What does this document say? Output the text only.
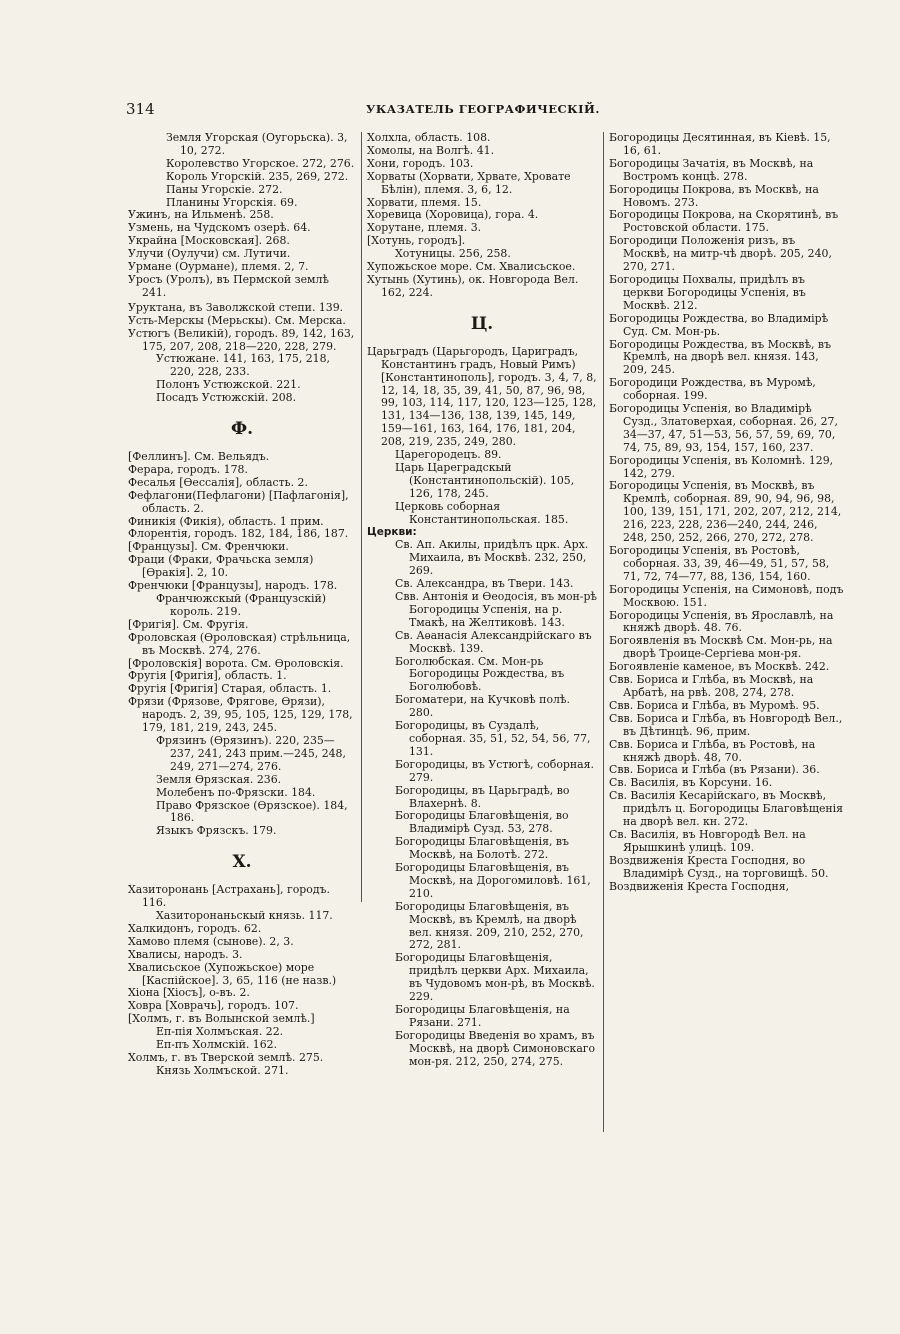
314	УКАЗАТЕЛЬ ГЕОГРАФИЧЕСКІЙ.

Земля Угорская (Оугорьска). 3, 10, 272.

Королевство Угорское. 272, 276.

Король Угорскій. 235, 269, 272.

Паны Угорскіе. 272.

Планины Угорскія. 69.

Ужинъ, на Ильменѣ. 258.

Узмень, на Чудскомъ озерѣ. 64.

Украйна [Московская]. 268.

Улучи (Оулучи) см. Лутичи.

Урмане (Оурмане), племя. 2, 7.

Уросъ (Уролъ), въ Пермской землѣ 241.

Уруктана, въ Заволжской степи. 139.

Усть-Мерскы (Мерьскы). См. Мерска.

Устюгъ (Великій), городъ. 89, 142, 163, 175, 207, 208, 218—220, 228, 279.

Устюжане. 141, 163, 175, 218, 220, 228, 233.

Полонъ Устюжской. 221.

Посадъ Устюжскій. 208.

Ф.

[Феллинъ]. См. Вельядъ.

Ферара, городъ. 178.

Фесалья [Өессалія], область. 2.

Фефлагони(Пефлагони) [Пафлагонія], область. 2.

Финикія (Фикія), область. 1 прим.

Флорентія, городъ. 182, 184, 186, 187.

[Французы]. См. Френчюки.

Фраци (Фраки, Фрачьска земля) [Өракія]. 2, 10.

Френчюки [Французы], народъ. 178.

Франчюжскый (Французскій) король. 219.

[Фригія]. См. Фругія.

Фроловская (Өроловская) стрѣльница, въ Москвѣ. 274, 276.

[Фроловскія] ворота. См. Өроловскія.

Фругія [Фригія], область. 1.

Фругія [Фригія] Старая, область. 1.

Фрязи (Фрязове, Фрягове, Өрязи), народъ. 2, 39, 95, 105, 125, 129, 178, 179, 181, 219, 243, 245.

Фрязинъ (Өрязинъ). 220, 235—237, 241, 243 прим.—245, 248, 249, 271—274, 276.

Земля Өрязская. 236.

Молебенъ по-Фрязски. 184.

Право Фрязское (Өрязское). 184, 186.

Языкъ Фрязскъ. 179.

Х.

Хазиторонань [Астрахань], городъ. 116.

Хазиторонаньскый князь. 117.

Халкидонъ, городъ. 62.

Хамово племя (сынове). 2, 3.

Хвалисы, народъ. 3.

Хвалисьское (Хупожьское) море [Каспійское]. 3, 65, 116 (не назв.)

Хіона [Хіосъ], о-въ. 2.

Ховра [Ховрачь], городъ. 107.

[Холмъ, г. въ Волынской землѣ.]

Еп-пія Холмъская. 22.

Еп-пъ Холмскій. 162.

Холмъ, г. въ Тверской землѣ. 275.

Князь Холмъской. 271.

Холхла, область. 108.

Хомолы, на Волгѣ. 41.

Хони, городъ. 103.

Хорваты (Хорвати, Хрвате, Хровате Бѣлін), племя. 3, 6, 12.

Хорвати, племя. 15.

Хоревица (Хоровица), гора. 4.

Хорутане, племя. 3.

[Хотунь, городъ].

Хотуницы. 256, 258.

Хупожьское море. См. Хвалисьское.

Хутынь (Хутинь), ок. Новгорода Вел. 162, 224.

Ц.

Царьградъ (Царьгородъ, Цариградъ, Константинъ градъ, Новый Римъ) [Константинополь], городъ. 3, 4, 7, 8, 12, 14, 18, 35, 39, 41, 50, 87, 96, 98, 99, 103, 114, 117, 120, 123—125, 128, 131, 134—136, 138, 139, 145, 149, 159—161, 163, 164, 176, 181, 204, 208, 219, 235, 249, 280.

Царегородецъ. 89.

Царь Цареградскый (Константинопольскій). 105, 126, 178, 245.

Церковь соборная Константинопольская. 185.

Церкви:

Св. Ап. Акилы, придѣлъ црк. Арх. Михаила, въ Москвѣ. 232, 250, 269.

Св. Александра, въ Твери. 143.

Свв. Антонія и Өеодосія, въ мон-рѣ Богородицы Успенія, на р. Тмакѣ, на Желтиковѣ. 143.

Св. Аѳанасія Александрійскаго въ Москвѣ. 139.

Боголюбская. См. Мон-рь Богородицы Рождества, въ Боголюбовѣ.

Богоматери, на Кучковѣ полѣ. 280.

Богородицы, въ Суздалѣ, соборная. 35, 51, 52, 54, 56, 77, 131.

Богородицы, въ Устюгѣ, соборная. 279.

Богородицы, въ Царьградѣ, во Влахернѣ. 8.

Богородицы Благовѣщенія, во Владимірѣ Сузд. 53, 278.

Богородицы Благовѣщенія, въ Москвѣ, на Болотѣ. 272.

Богородицы Благовѣщенія, въ Москвѣ, на Дорогомиловѣ. 161, 210.

Богородицы Благовѣщенія, въ Москвѣ, въ Кремлѣ, на дворѣ вел. князя. 209, 210, 252, 270, 272, 281.

Богородицы Благовѣщенія, придѣлъ церкви Арх. Михаила, въ Чудовомъ мон-рѣ, въ Москвѣ. 229.

Богородицы Благовѣщенія, на Рязани. 271.

Богородицы Введенія во храмъ, въ Москвѣ, на дворѣ Симоновскаго мон-ря. 212, 250, 274, 275.

Богородицы Десятинная, въ Кіевѣ. 15, 16, 61.

Богородицы Зачатія, въ Москвѣ, на Востромъ концѣ. 278.

Богородицы Покрова, въ Москвѣ, на Новомъ. 273.

Богородицы Покрова, на Скорятинѣ, въ Ростовской области. 175.

Богородици Положенія ризъ, въ Москвѣ, на митр-чѣ дворѣ. 205, 240, 270, 271.

Богородицы Похвалы, придѣлъ въ церкви Богородицы Успенія, въ Москвѣ. 212.

Богородицы Рождества, во Владимірѣ Суд. См. Мон-рь.

Богородицы Рождества, въ Москвѣ, въ Кремлѣ, на дворѣ вел. князя. 143, 209, 245.

Богородици Рождества, въ Муромѣ, соборная. 199.

Богородицы Успенія, во Владимірѣ Сузд., Златоверхая, соборная. 26, 27, 34—37, 47, 51—53, 56, 57, 59, 69, 70, 74, 75, 89, 93, 154, 157, 160, 237.

Богородицы Успенія, въ Коломнѣ. 129, 142, 279.

Богородицы Успенія, въ Москвѣ, въ Кремлѣ, соборная. 89, 90, 94, 96, 98, 100, 139, 151, 171, 202, 207, 212, 214, 216, 223, 228, 236—240, 244, 246, 248, 250, 252, 266, 270, 272, 278.

Богородицы Успенія, въ Ростовѣ, соборная. 33, 39, 46—49, 51, 57, 58, 71, 72, 74—77, 88, 136, 154, 160.

Богородицы Успенія, на Симоновѣ, подъ Москвою. 151.

Богородицы Успенія, въ Ярославлѣ, на княжѣ дворѣ. 48. 76.

Богоявленія въ Москвѣ См. Мон-рь, на дворѣ Троице-Сергіева мон-ря.

Богоявленіе каменое, въ Москвѣ. 242.

Свв. Бориса и Глѣба, въ Москвѣ, на Арбатѣ, на рвѣ. 208, 274, 278.

Свв. Бориса и Глѣба, въ Муромѣ. 95.

Свв. Бориса и Глѣба, въ Новгородѣ Вел., въ Дѣтинцѣ. 96, прим.

Свв. Бориса и Глѣба, въ Ростовѣ, на княжѣ дворѣ. 48, 70.

Свв. Бориса и Глѣба (въ Рязани). 36.

Св. Василія, въ Корсуни. 16.

Св. Василія Кесарійскаго, въ Москвѣ, придѣлъ ц. Богородицы Благовѣщенія на дворѣ вел. кн. 272.

Св. Василія, въ Новгородѣ Вел. на Ярышкинѣ улицѣ. 109.

Воздвиженія Креста Господня, во Владимірѣ Сузд., на торговищѣ. 50.

Воздвиженія Креста Господня,
